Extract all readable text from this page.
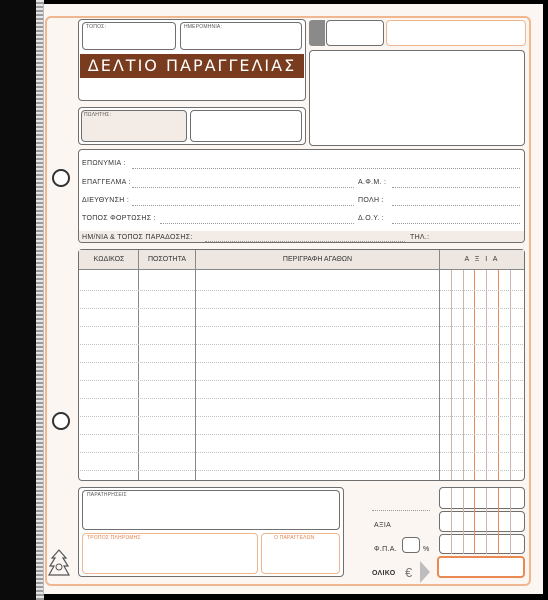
ΤΟΠΟΣ:	ΗΜΕΡΟΜΗΝΙΑ:
ΔΕΛΤΙΟ ΠΑΡΑΓΓΕΛΙΑΣ
ΠΩΛΗΤΗΣ:
ΕΠΩΝΥΜΙΑ :
ΕΠΑΓΓΕΛΜΑ :	Α.Φ.Μ. :
ΔΙΕΥΘΥΝΣΗ :	ΠΟΛΗ :
ΤΟΠΟΣ ΦΟΡΤΩΣΗΣ :	Δ.Ο.Υ. :
ΗΜ/ΝΙΑ & ΤΟΠΟΣ ΠΑΡΑΔΟΣΗΣ:	ΤΗΛ.:
ΚΩΔΙΚΟΣ	ΠΟΣΟΤΗΤΑ	ΠΕΡΙΓΡΑΦΗ ΑΓΑΘΩΝ	Α Ξ Ι Α
ΠΑΡΑΤΗΡΗΣΕΙΣ
ΤΡΟΠΟΣ ΠΛΗΡΩΜΗΣ	Ο ΠΑΡΑΓΓΕΛΩΝ
ΑΞΙΑ
Φ.Π.Α.	%
ΟΛΙΚΟ €
